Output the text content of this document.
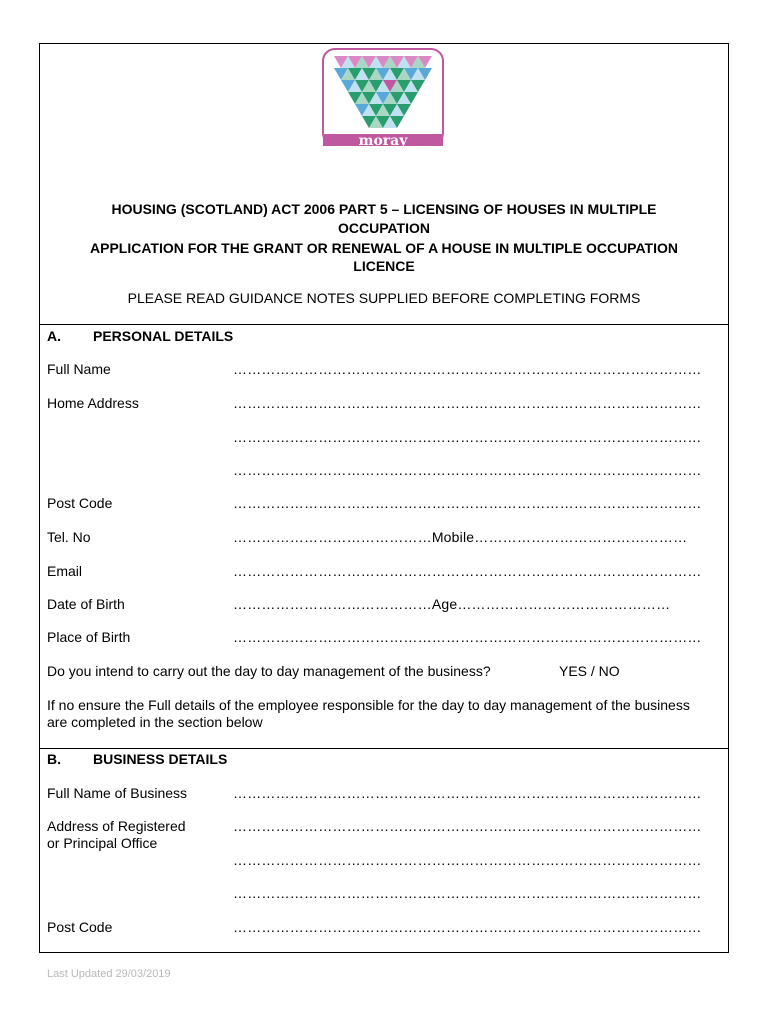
moray
HOUSING (SCOTLAND) ACT 2006 PART 5 – LICENSING OF HOUSES IN MULTIPLE
OCCUPATION
APPLICATION FOR THE GRANT OR RENEWAL OF A HOUSE IN MULTIPLE OCCUPATION
LICENCE
PLEASE READ GUIDANCE NOTES SUPPLIED BEFORE COMPLETING FORMS
A. PERSONAL DETAILS
Full Name	………………………………………………………………………………………
Home Address	………………………………………………………………………………………
………………………………………………………………………………………
………………………………………………………………………………………
Post Code	………………………………………………………………………………………
Tel. No	……………………………………Mobile………………………………………
Email	………………………………………………………………………………………
Date of Birth	……………………………………Age………………………………………
Place of Birth	………………………………………………………………………………………
Do you intend to carry out the day to day management of the business?	YES / NO
If no ensure the Full details of the employee responsible for the day to day management of the business are completed in the section below
B. BUSINESS DETAILS
Full Name of Business	………………………………………………………………………………………
Address of Registered
or Principal Office
………………………………………………………………………………………
………………………………………………………………………………………
………………………………………………………………………………………
Post Code	………………………………………………………………………………………
Last Updated 29/03/2019
